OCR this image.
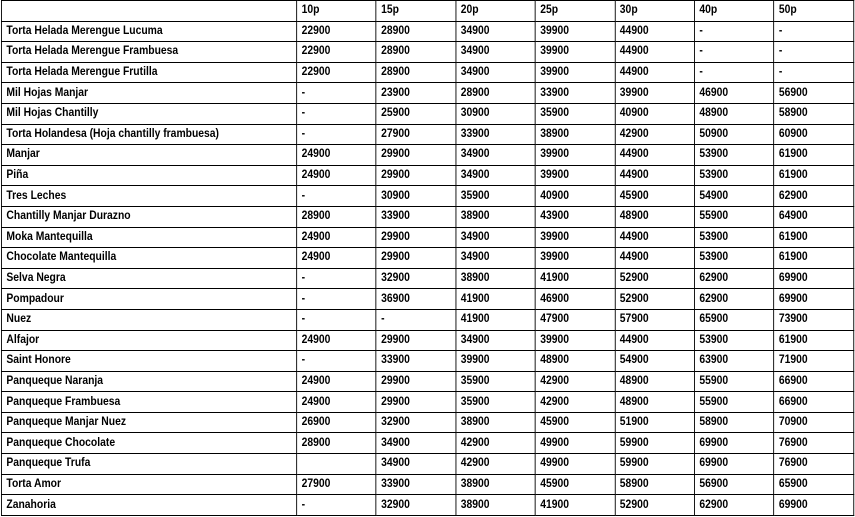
	10p	15p	20p	25p	30p	40p	50p
Torta Helada Merengue Lucuma	22900	28900	34900	39900	44900	-	-
Torta Helada Merengue Frambuesa	22900	28900	34900	39900	44900	-	-
Torta Helada Merengue Frutilla	22900	28900	34900	39900	44900	-	-
Mil Hojas Manjar	-	23900	28900	33900	39900	46900	56900
Mil Hojas Chantilly	-	25900	30900	35900	40900	48900	58900
Torta Holandesa (Hoja chantilly frambuesa)	-	27900	33900	38900	42900	50900	60900
Manjar	24900	29900	34900	39900	44900	53900	61900
Piña	24900	29900	34900	39900	44900	53900	61900
Tres Leches	-	30900	35900	40900	45900	54900	62900
Chantilly Manjar Durazno	28900	33900	38900	43900	48900	55900	64900
Moka Mantequilla	24900	29900	34900	39900	44900	53900	61900
Chocolate Mantequilla	24900	29900	34900	39900	44900	53900	61900
Selva Negra	-	32900	38900	41900	52900	62900	69900
Pompadour	-	36900	41900	46900	52900	62900	69900
Nuez	-	-	41900	47900	57900	65900	73900
Alfajor	24900	29900	34900	39900	44900	53900	61900
Saint Honore	-	33900	39900	48900	54900	63900	71900
Panqueque Naranja	24900	29900	35900	42900	48900	55900	66900
Panqueque Frambuesa	24900	29900	35900	42900	48900	55900	66900
Panqueque Manjar Nuez	26900	32900	38900	45900	51900	58900	70900
Panqueque Chocolate	28900	34900	42900	49900	59900	69900	76900
Panqueque Trufa		34900	42900	49900	59900	69900	76900
Torta Amor	27900	33900	38900	45900	58900	56900	65900
Zanahoria	-	32900	38900	41900	52900	62900	69900
